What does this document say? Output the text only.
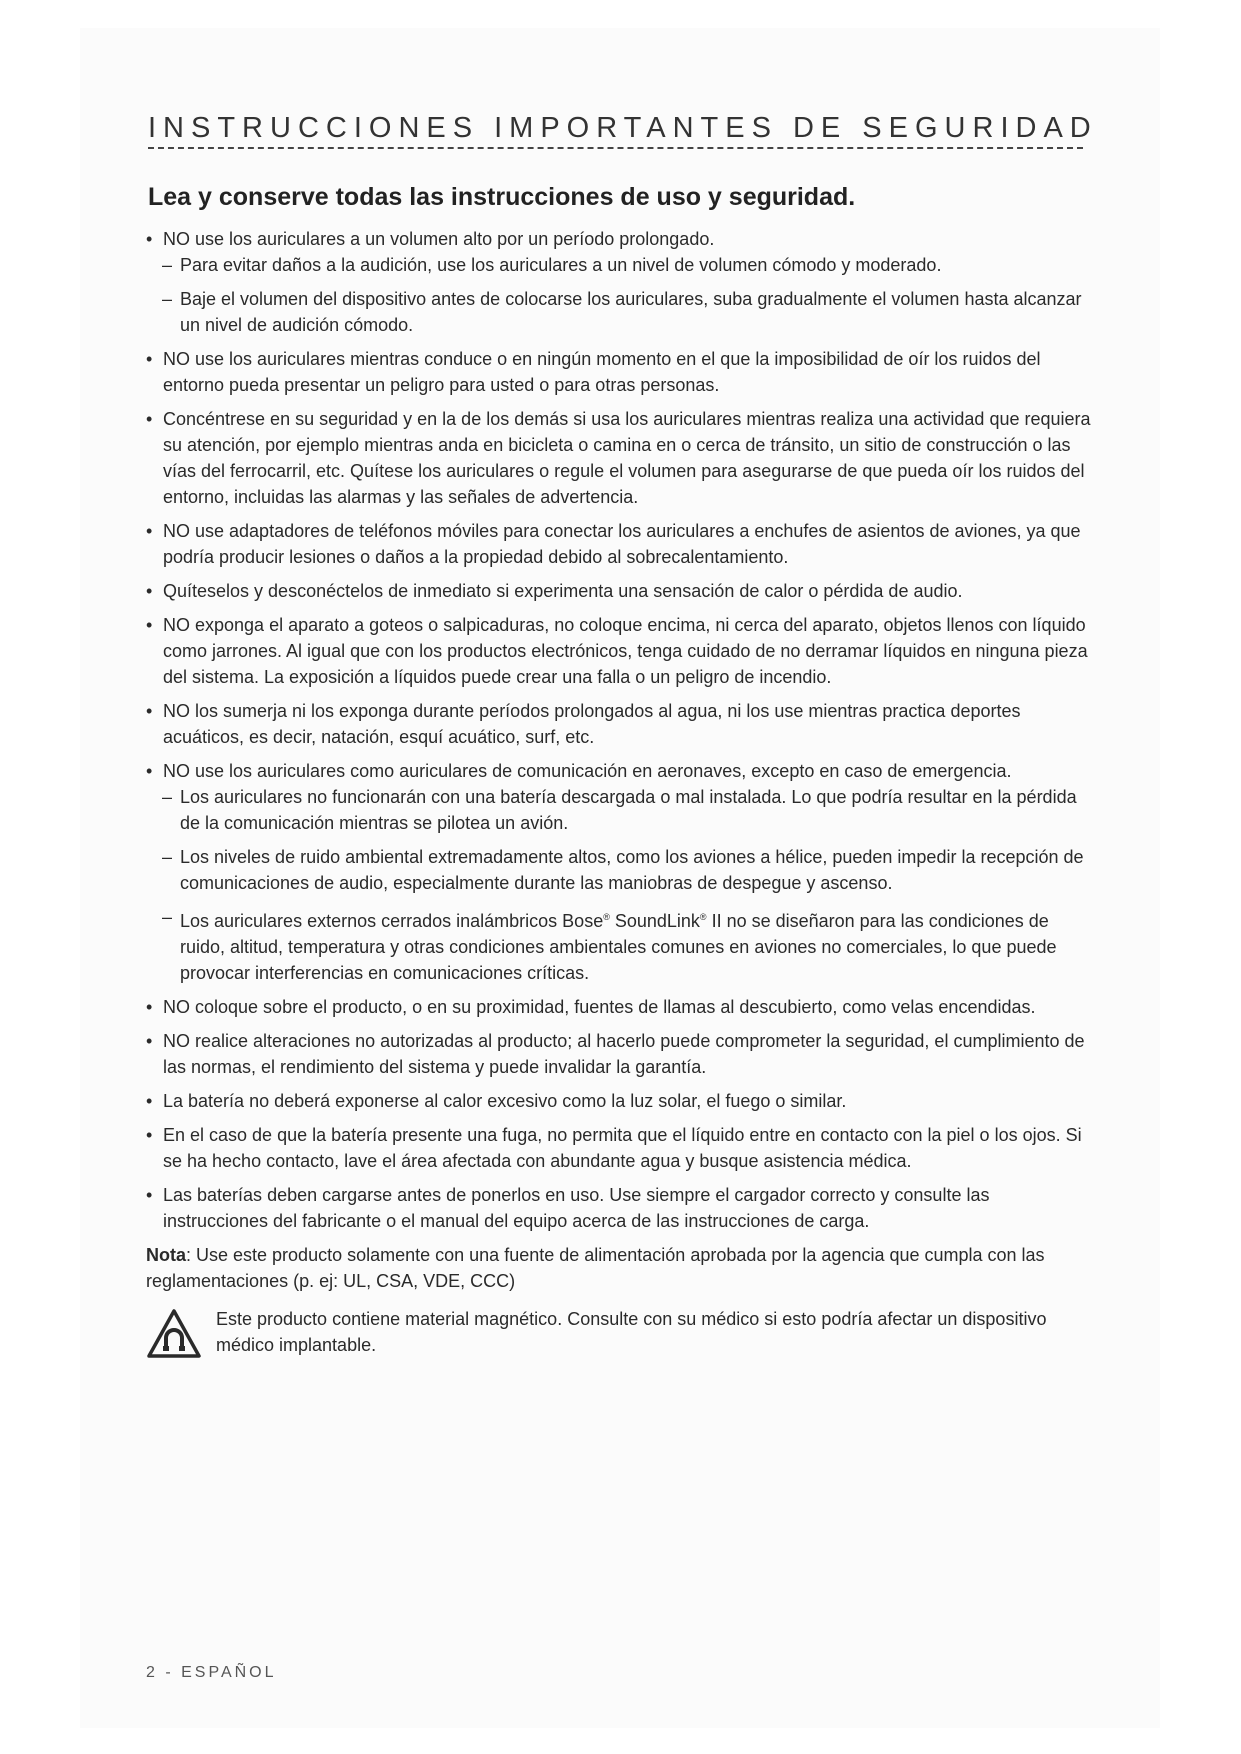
INSTRUCCIONES IMPORTANTES DE SEGURIDAD
Lea y conserve todas las instrucciones de uso y seguridad.
• NO use los auriculares a un volumen alto por un período prolongado.
– Para evitar daños a la audición, use los auriculares a un nivel de volumen cómodo y moderado.
– Baje el volumen del dispositivo antes de colocarse los auriculares, suba gradualmente el volumen hasta alcanzar un nivel de audición cómodo.
• NO use los auriculares mientras conduce o en ningún momento en el que la imposibilidad de oír los ruidos del entorno pueda presentar un peligro para usted o para otras personas.
• Concéntrese en su seguridad y en la de los demás si usa los auriculares mientras realiza una actividad que requiera su atención, por ejemplo mientras anda en bicicleta o camina en o cerca de tránsito, un sitio de construcción o las vías del ferrocarril, etc. Quítese los auriculares o regule el volumen para asegurarse de que pueda oír los ruidos del entorno, incluidas las alarmas y las señales de advertencia.
• NO use adaptadores de teléfonos móviles para conectar los auriculares a enchufes de asientos de aviones, ya que podría producir lesiones o daños a la propiedad debido al sobrecalentamiento.
• Quíteselos y desconéctelos de inmediato si experimenta una sensación de calor o pérdida de audio.
• NO exponga el aparato a goteos o salpicaduras, no coloque encima, ni cerca del aparato, objetos llenos con líquido como jarrones. Al igual que con los productos electrónicos, tenga cuidado de no derramar líquidos en ninguna pieza del sistema. La exposición a líquidos puede crear una falla o un peligro de incendio.
• NO los sumerja ni los exponga durante períodos prolongados al agua, ni los use mientras practica deportes acuáticos, es decir, natación, esquí acuático, surf, etc.
• NO use los auriculares como auriculares de comunicación en aeronaves, excepto en caso de emergencia.
– Los auriculares no funcionarán con una batería descargada o mal instalada. Lo que podría resultar en la pérdida de la comunicación mientras se pilotea un avión.
– Los niveles de ruido ambiental extremadamente altos, como los aviones a hélice, pueden impedir la recepción de comunicaciones de audio, especialmente durante las maniobras de despegue y ascenso.
– Los auriculares externos cerrados inalámbricos Bose® SoundLink® II no se diseñaron para las condiciones de ruido, altitud, temperatura y otras condiciones ambientales comunes en aviones no comerciales, lo que puede provocar interferencias en comunicaciones críticas.
• NO coloque sobre el producto, o en su proximidad, fuentes de llamas al descubierto, como velas encendidas.
• NO realice alteraciones no autorizadas al producto; al hacerlo puede comprometer la seguridad, el cumplimiento de las normas, el rendimiento del sistema y puede invalidar la garantía.
• La batería no deberá exponerse al calor excesivo como la luz solar, el fuego o similar.
• En el caso de que la batería presente una fuga, no permita que el líquido entre en contacto con la piel o los ojos. Si se ha hecho contacto, lave el área afectada con abundante agua y busque asistencia médica.
• Las baterías deben cargarse antes de ponerlos en uso. Use siempre el cargador correcto y consulte las instrucciones del fabricante o el manual del equipo acerca de las instrucciones de carga.
Nota: Use este producto solamente con una fuente de alimentación aprobada por la agencia que cumpla con las reglamentaciones (p. ej: UL, CSA, VDE, CCC)
Este producto contiene material magnético. Consulte con su médico si esto podría afectar un dispositivo médico implantable.
2 - ESPAÑOL
